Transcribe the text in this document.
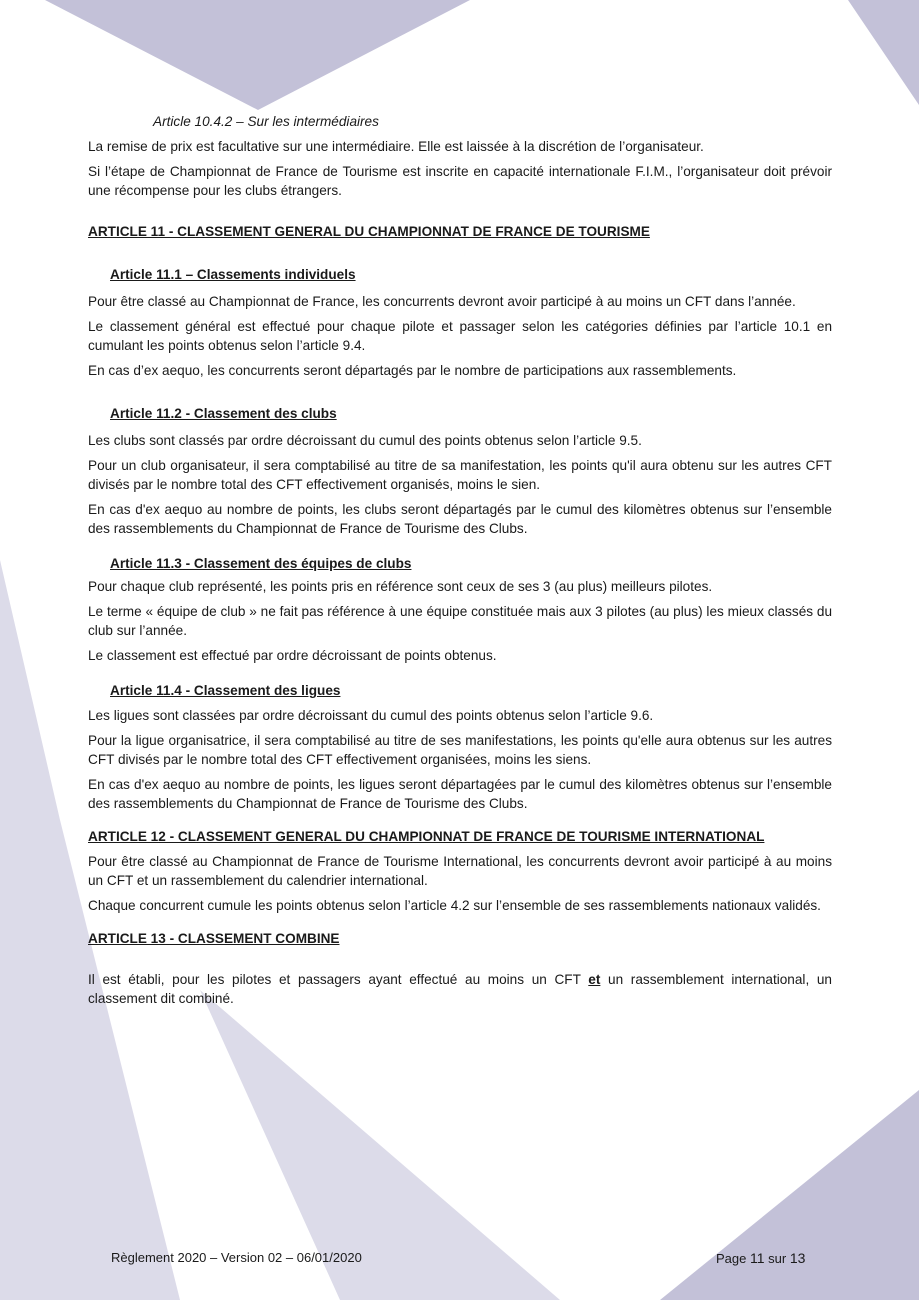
Article 10.4.2 – Sur les intermédiaires

La remise de prix est facultative sur une intermédiaire. Elle est laissée à la discrétion de l’organisateur.

Si l’étape de Championnat de France de Tourisme est inscrite en capacité internationale F.I.M., l’organisateur doit prévoir une récompense pour les clubs étrangers.

ARTICLE 11 - CLASSEMENT GENERAL DU CHAMPIONNAT DE FRANCE DE TOURISME
Article 11.1 – Classements individuels

Pour être classé au Championnat de France, les concurrents devront avoir participé à au moins un CFT dans l’année.

Le classement général est effectué pour chaque pilote et passager selon les catégories définies par l’article 10.1 en cumulant les points obtenus selon l’article 9.4.

En cas d’ex aequo, les concurrents seront départagés par le nombre de participations aux rassemblements.

Article 11.2 - Classement des clubs

Les clubs sont classés par ordre décroissant du cumul des points obtenus selon l’article 9.5.

Pour un club organisateur, il sera comptabilisé au titre de sa manifestation, les points qu'il aura obtenu sur les autres CFT divisés par le nombre total des CFT effectivement organisés, moins le sien.

En cas d'ex aequo au nombre de points, les clubs seront départagés par le cumul des kilomètres obtenus sur l’ensemble des rassemblements du Championnat de France de Tourisme des Clubs.

Article 11.3 - Classement des équipes de clubs

Pour chaque club représenté, les points pris en référence sont ceux de ses 3 (au plus) meilleurs pilotes.

Le terme « équipe de club » ne fait pas référence à une équipe constituée mais aux 3 pilotes (au plus) les mieux classés du club sur l’année.

Le classement est effectué par ordre décroissant de points obtenus.

Article 11.4 - Classement des ligues

Les ligues sont classées par ordre décroissant du cumul des points obtenus selon l’article 9.6.

Pour la ligue organisatrice, il sera comptabilisé au titre de ses manifestations, les points qu'elle aura obtenus sur les autres CFT divisés par le nombre total des CFT effectivement organisées, moins les siens.

En cas d'ex aequo au nombre de points, les ligues seront départagées par le cumul des kilomètres obtenus sur l’ensemble des rassemblements du Championnat de France de Tourisme des Clubs.

ARTICLE 12 - CLASSEMENT GENERAL DU CHAMPIONNAT DE FRANCE DE TOURISME INTERNATIONAL

Pour être classé au Championnat de France de Tourisme International, les concurrents devront avoir participé à au moins un CFT et un rassemblement du calendrier international.

Chaque concurrent cumule les points obtenus selon l’article 4.2 sur l’ensemble de ses rassemblements nationaux validés.

ARTICLE 13 - CLASSEMENT COMBINE

Il est établi, pour les pilotes et passagers ayant effectué au moins un CFT et un rassemblement international, un classement dit combiné.

Règlement 2020 – Version 02 – 06/01/2020	Page 11 sur 13
